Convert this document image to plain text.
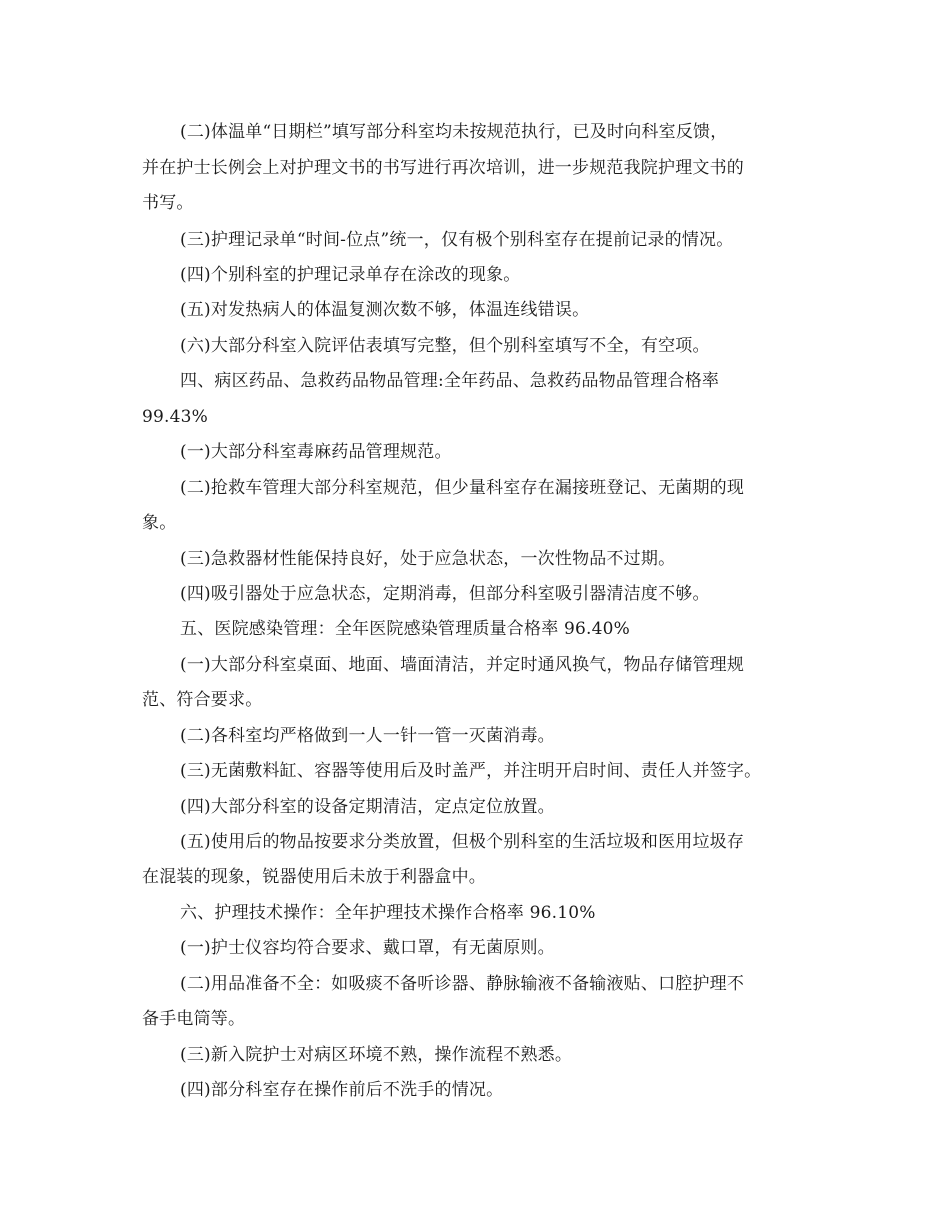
(二)体温单“日期栏”填写部分科室均未按规范执行，已及时向科室反馈，
并在护士长例会上对护理文书的书写进行再次培训，进一步规范我院护理文书的
书写。
(三)护理记录单“时间-位点”统一，仅有极个别科室存在提前记录的情况。
(四)个别科室的护理记录单存在涂改的现象。
(五)对发热病人的体温复测次数不够，体温连线错误。
(六)大部分科室入院评估表填写完整，但个别科室填写不全，有空项。
四、病区药品、急救药品物品管理:全年药品、急救药品物品管理合格率
99.43%
(一)大部分科室毒麻药品管理规范。
(二)抢救车管理大部分科室规范，但少量科室存在漏接班登记、无菌期的现
象。
(三)急救器材性能保持良好，处于应急状态，一次性物品不过期。
(四)吸引器处于应急状态，定期消毒，但部分科室吸引器清洁度不够。
五、医院感染管理：全年医院感染管理质量合格率 96.40%
(一)大部分科室桌面、地面、墙面清洁，并定时通风换气，物品存储管理规
范、符合要求。
(二)各科室均严格做到一人一针一管一灭菌消毒。
(三)无菌敷料缸、容器等使用后及时盖严，并注明开启时间、责任人并签字。
(四)大部分科室的设备定期清洁，定点定位放置。
(五)使用后的物品按要求分类放置，但极个别科室的生活垃圾和医用垃圾存
在混装的现象，锐器使用后未放于利器盒中。
六、护理技术操作：全年护理技术操作合格率 96.10%
(一)护士仪容均符合要求、戴口罩，有无菌原则。
(二)用品准备不全：如吸痰不备听诊器、静脉输液不备输液贴、口腔护理不
备手电筒等。
(三)新入院护士对病区环境不熟，操作流程不熟悉。
(四)部分科室存在操作前后不洗手的情况。
